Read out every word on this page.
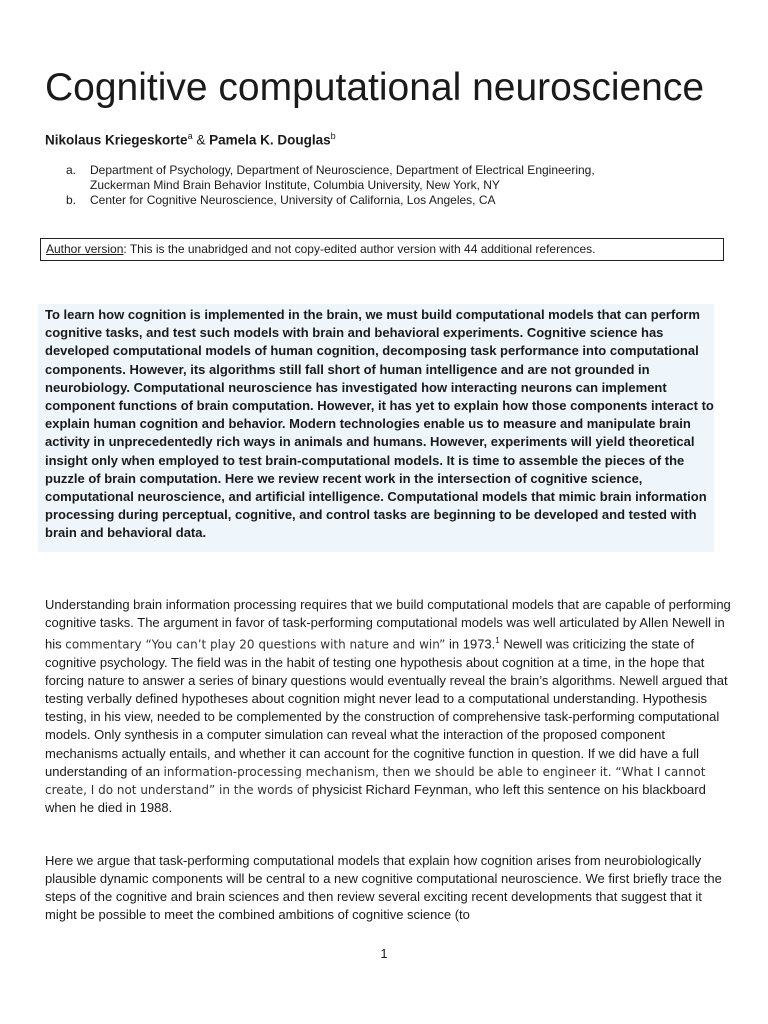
Cognitive computational neuroscience
Nikolaus Kriegeskorte$^a$ & Pamela K. Douglas$^b$
a. Department of Psychology, Department of Neuroscience, Department of Electrical Engineering,
Zuckerman Mind Brain Behavior Institute, Columbia University, New York, NY
b. Center for Cognitive Neuroscience, University of California, Los Angeles, CA
Author version: This is the unabridged and not copy-edited author version with 44 additional references.
To learn how cognition is implemented in the brain, we must build computational models that can perform cognitive tasks, and test such models with brain and behavioral experiments. Cognitive science has developed computational models of human cognition, decomposing task performance into computational components. However, its algorithms still fall short of human intelligence and are not grounded in neurobiology. Computational neuroscience has investigated how interacting neurons can implement component functions of brain computation. However, it has yet to explain how those components interact to explain human cognition and behavior. Modern technologies enable us to measure and manipulate brain activity in unprecedentedly rich ways in animals and humans. However, experiments will yield theoretical insight only when employed to test brain-computational models. It is time to assemble the pieces of the puzzle of brain computation. Here we review recent work in the intersection of cognitive science, computational neuroscience, and artificial intelligence. Computational models that mimic brain information processing during perceptual, cognitive, and control tasks are beginning to be developed and tested with brain and behavioral data.

Understanding brain information processing requires that we build computational models that are capable of performing cognitive tasks. The argument in favor of task-performing computational models was well articulated by Allen Newell in his commentary “You can’t play 20 questions with nature and win” in 1973.$^1$ Newell was criticizing the state of cognitive psychology. The field was in the habit of testing one hypothesis about cognition at a time, in the hope that forcing nature to answer a series of binary questions would eventually reveal the brain’s algorithms. Newell argued that testing verbally defined hypotheses about cognition might never lead to a computational understanding. Hypothesis testing, in his view, needed to be complemented by the construction of comprehensive task-performing computational models. Only synthesis in a computer simulation can reveal what the interaction of the proposed component mechanisms actually entails, and whether it can account for the cognitive function in question. If we did have a full understanding of an information-processing mechanism, then we should be able to engineer it. “What I cannot create, I do not understand” in the words of physicist Richard Feynman, who left this sentence on his blackboard when he died in 1988.

Here we argue that task-performing computational models that explain how cognition arises from neurobiologically plausible dynamic components will be central to a new cognitive computational neuroscience. We first briefly trace the steps of the cognitive and brain sciences and then review several exciting recent developments that suggest that it might be possible to meet the combined ambitions of cognitive science (to

1
